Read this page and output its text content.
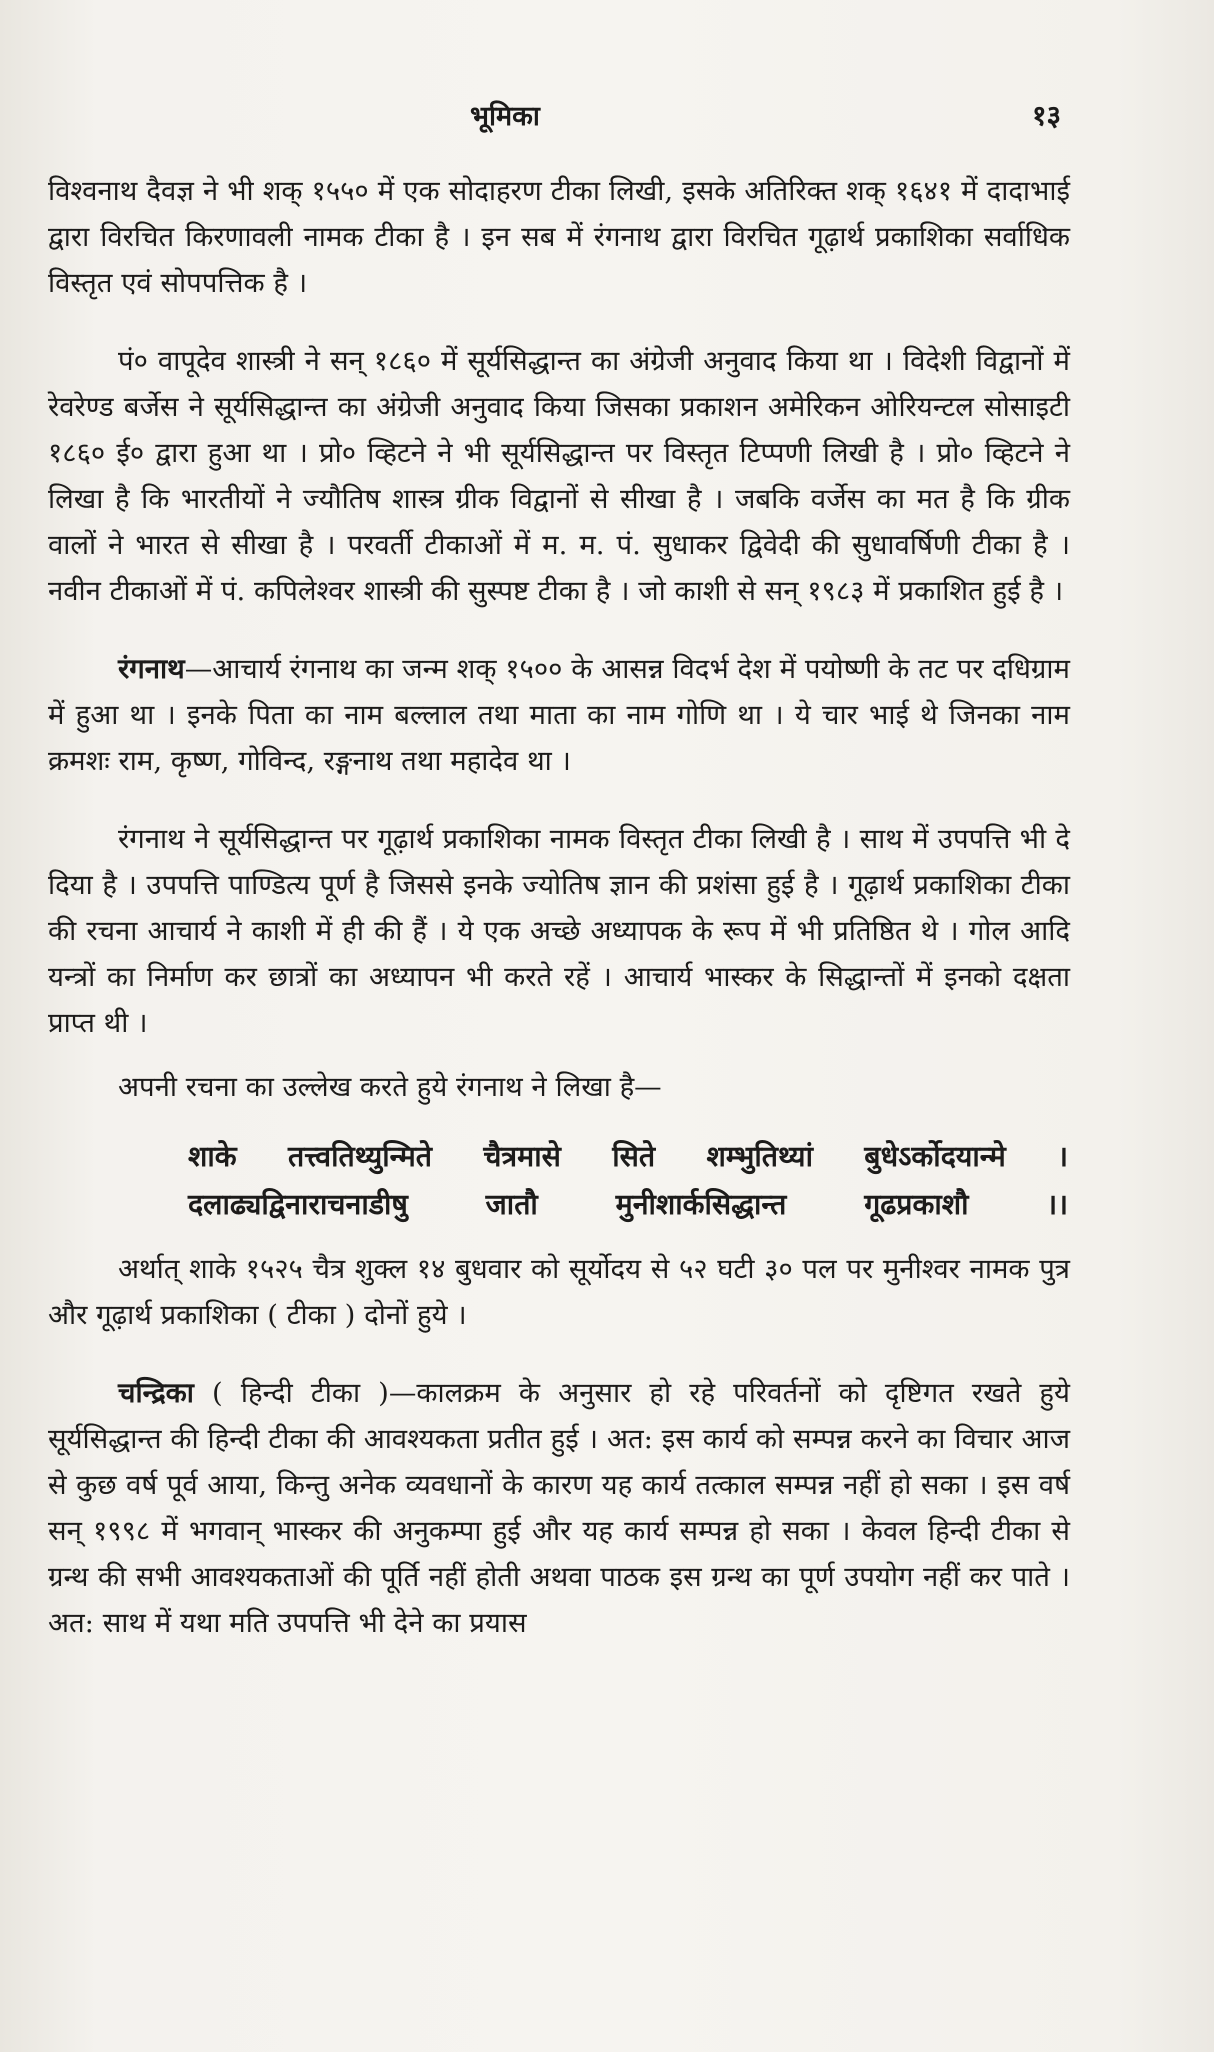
भूमिका	१३

विश्वनाथ दैवज्ञ ने भी शक् १५५० में एक सोदाहरण टीका लिखी, इसके अतिरिक्त शक् १६४१ में दादाभाई द्वारा विरचित किरणावली नामक टीका है । इन सब में रंगनाथ द्वारा विरचित गूढ़ार्थ प्रकाशिका सर्वाधिक विस्तृत एवं सोपपत्तिक है ।

पं० वापूदेव शास्त्री ने सन् १८६० में सूर्यसिद्धान्त का अंग्रेजी अनुवाद किया था । विदेशी विद्वानों में रेवरेण्ड बर्जेस ने सूर्यसिद्धान्त का अंग्रेजी अनुवाद किया जिसका प्रकाशन अमेरिकन ओरियन्टल सोसाइटी १८६० ई० द्वारा हुआ था । प्रो० व्हिटने ने भी सूर्यसिद्धान्त पर विस्तृत टिप्पणी लिखी है । प्रो० व्हिटने ने लिखा है कि भारतीयों ने ज्यौतिष शास्त्र ग्रीक विद्वानों से सीखा है । जबकि वर्जेस का मत है कि ग्रीक वालों ने भारत से सीखा है । परवर्ती टीकाओं में म. म. पं. सुधाकर द्विवेदी की सुधावर्षिणी टीका है । नवीन टीकाओं में पं. कपिलेश्वर शास्त्री की सुस्पष्ट टीका है । जो काशी से सन् १९८३ में प्रकाशित हुई है ।

रंगनाथ—आचार्य रंगनाथ का जन्म शक् १५०० के आसन्न विदर्भ देश में पयोष्णी के तट पर दधिग्राम में हुआ था । इनके पिता का नाम बल्लाल तथा माता का नाम गोणि था । ये चार भाई थे जिनका नाम क्रमशः राम, कृष्ण, गोविन्द, रङ्गनाथ तथा महादेव था ।

रंगनाथ ने सूर्यसिद्धान्त पर गूढ़ार्थ प्रकाशिका नामक विस्तृत टीका लिखी है । साथ में उपपत्ति भी दे दिया है । उपपत्ति पाण्डित्य पूर्ण है जिससे इनके ज्योतिष ज्ञान की प्रशंसा हुई है । गूढ़ार्थ प्रकाशिका टीका की रचना आचार्य ने काशी में ही की हैं । ये एक अच्छे अध्यापक के रूप में भी प्रतिष्ठित थे । गोल आदि यन्त्रों का निर्माण कर छात्रों का अध्यापन भी करते रहें । आचार्य भास्कर के सिद्धान्तों में इनको दक्षता प्राप्त थी ।

अपनी रचना का उल्लेख करते हुये रंगनाथ ने लिखा है—

शाके तत्त्वतिथ्युन्मिते चैत्रमासे सिते शम्भुतिथ्यां बुधेऽर्कोदयान्मे ।
दलाढ्यद्विनाराचनाडीषु जातौ मुनीशार्कसिद्धान्त गूढप्रकाशौ ।।

अर्थात् शाके १५२५ चैत्र शुक्ल १४ बुधवार को सूर्योदय से ५२ घटी ३० पल पर मुनीश्वर नामक पुत्र और गूढ़ार्थ प्रकाशिका ( टीका ) दोनों हुये ।

चन्द्रिका ( हिन्दी टीका )—कालक्रम के अनुसार हो रहे परिवर्तनों को दृष्टिगत रखते हुये सूर्यसिद्धान्त की हिन्दी टीका की आवश्यकता प्रतीत हुई । अत: इस कार्य को सम्पन्न करने का विचार आज से कुछ वर्ष पूर्व आया, किन्तु अनेक व्यवधानों के कारण यह कार्य तत्काल सम्पन्न नहीं हो सका । इस वर्ष सन् १९९८ में भगवान् भास्कर की अनुकम्पा हुई और यह कार्य सम्पन्न हो सका । केवल हिन्दी टीका से ग्रन्थ की सभी आवश्यकताओं की पूर्ति नहीं होती अथवा पाठक इस ग्रन्थ का पूर्ण उपयोग नहीं कर पाते । अत: साथ में यथा मति उपपत्ति भी देने का प्रयास
